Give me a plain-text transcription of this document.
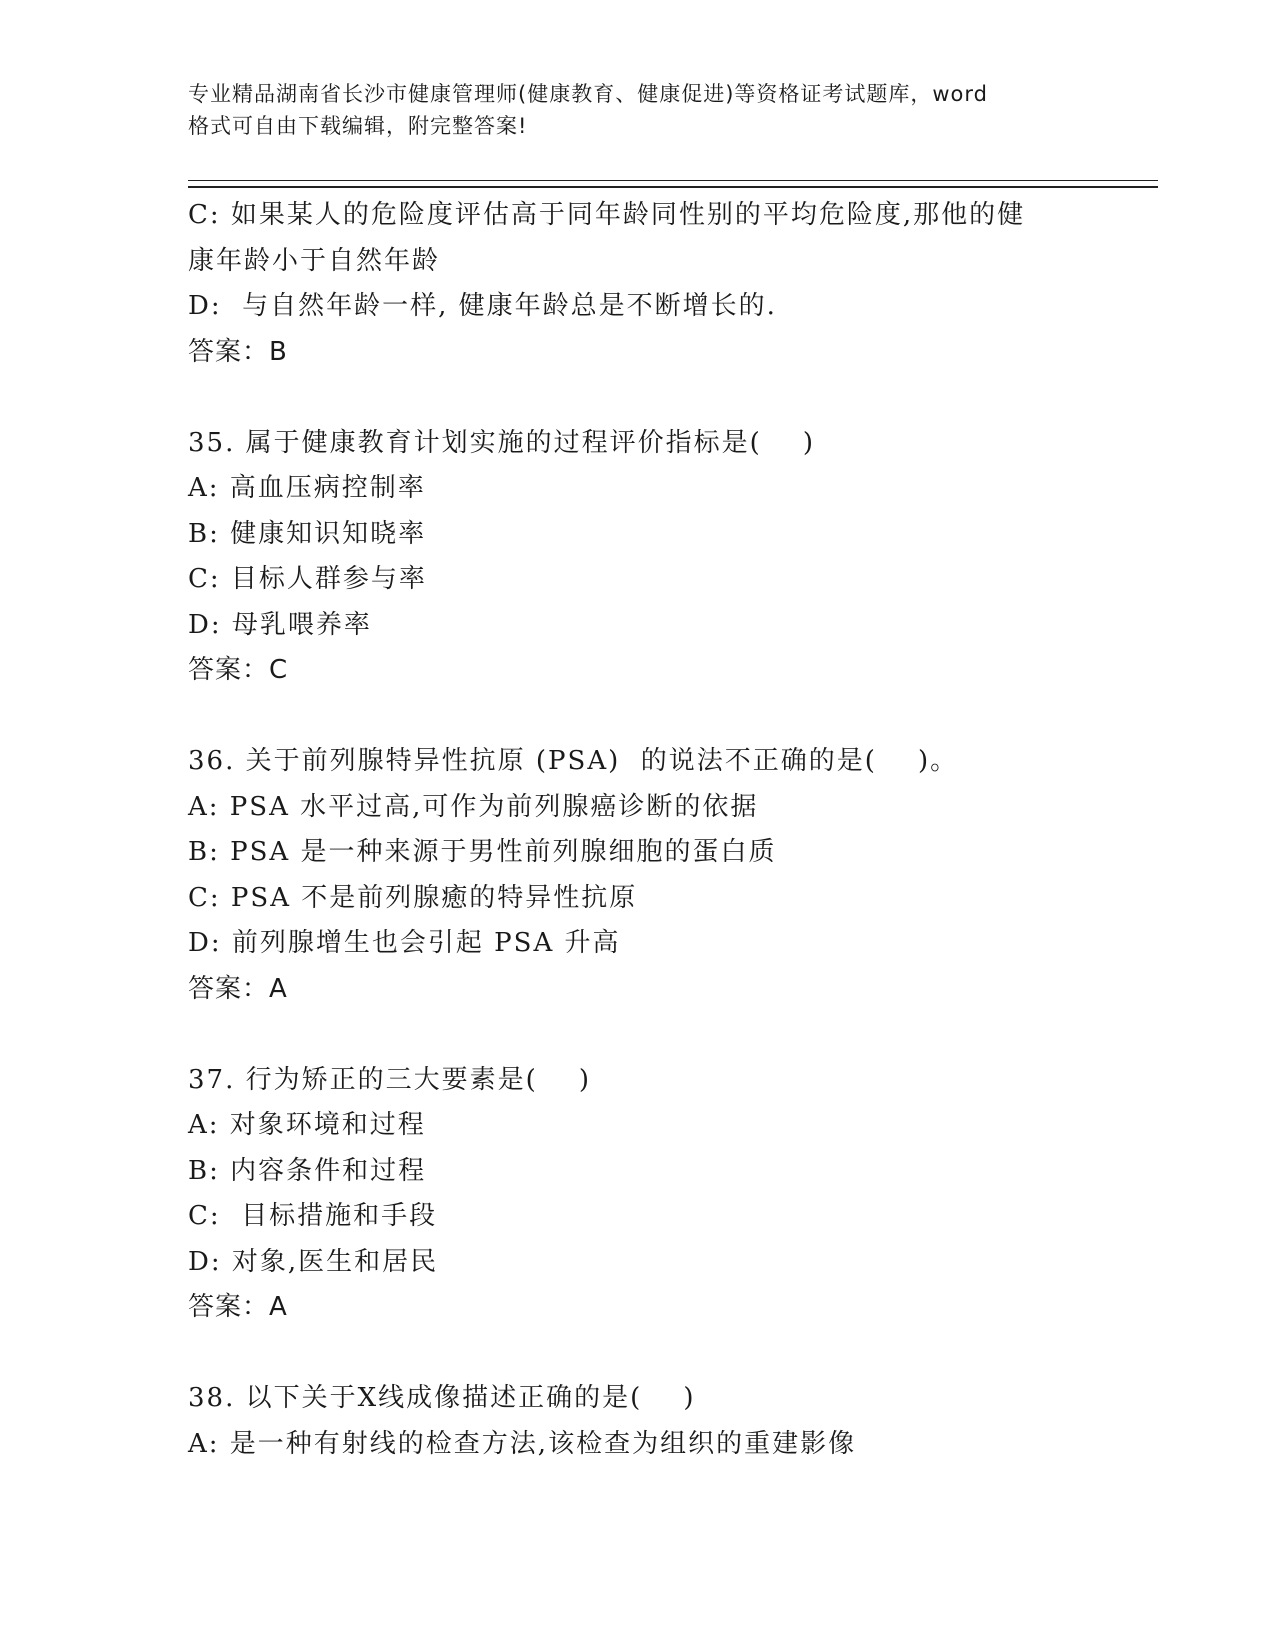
专业精品湖南省长沙市健康管理师(健康教育、健康促进)等资格证考试题库，word
格式可自由下载编辑，附完整答案!
C: 如果某人的危险度评估高于同年龄同性别的平均危险度,那他的健
康年龄小于自然年龄
D:  与自然年龄一样, 健康年龄总是不断增长的.
答案：B
35. 属于健康教育计划实施的过程评价指标是(    )
A: 高血压病控制率
B: 健康知识知晓率
C: 目标人群参与率
D: 母乳喂养率
答案：C
36. 关于前列腺特异性抗原 (PSA)  的说法不正确的是(    )。
A: PSA 水平过高,可作为前列腺癌诊断的依据
B: PSA 是一种来源于男性前列腺细胞的蛋白质
C: PSA 不是前列腺癒的特异性抗原
D: 前列腺增生也会引起 PSA 升高
答案：A
37. 行为矫正的三大要素是(    )
A: 对象环境和过程
B: 内容条件和过程
C:  目标措施和手段
D: 对象,医生和居民
答案：A
38. 以下关于X线成像描述正确的是(    )
A: 是一种有射线的检查方法,该检查为组织的重建影像
